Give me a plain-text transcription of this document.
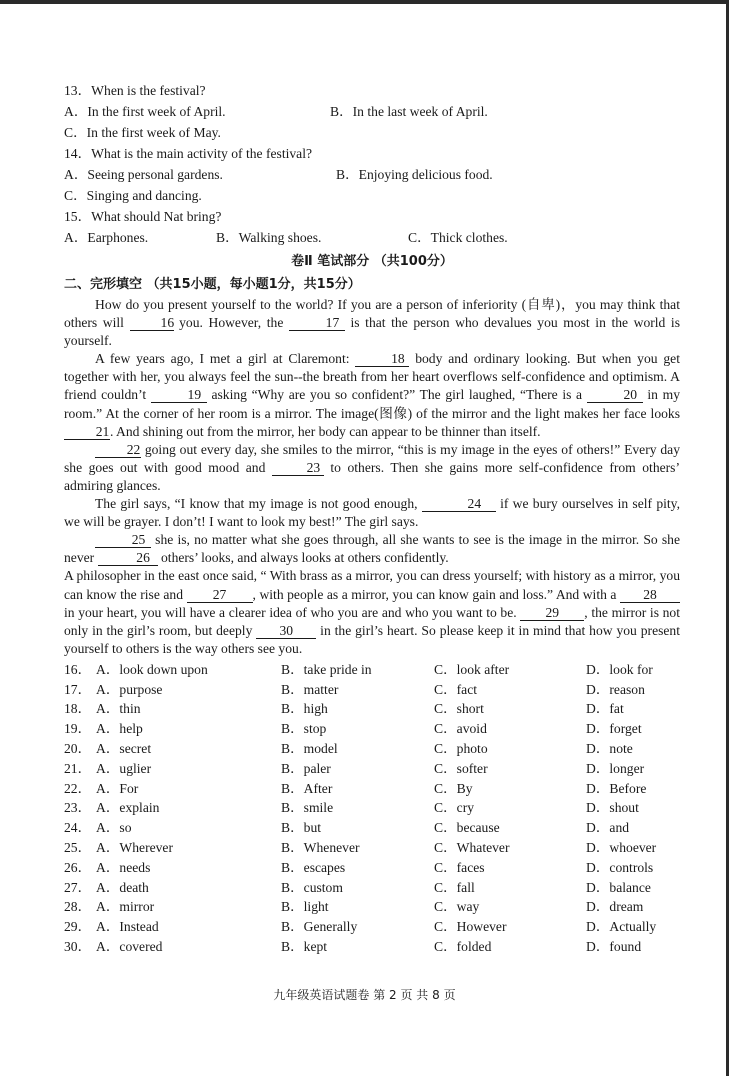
13．When is the festival?
A．In the first week of April.	B．In the last week of April.
C．In the first week of May.
14．What is the main activity of the festival?
A．Seeing personal gardens.	B．Enjoying delicious food.
C．Singing and dancing.
15．What should Nat bring?
A．Earphones.	B．Walking shoes.	C．Thick clothes.
卷Ⅱ 笔试部分 （共100分）
二、完形填空 （共15小题，每小题1分，共15分）

How do you present yourself to the world? If you are a person of inferiority (自卑)，you may think that others will 16 you. However, the	17 is that the person who devalues you most in the world is yourself.

A few years ago, I met a girl at Claremont:	18 body and ordinary looking. But when you get together with her, you always feel the sun--the breath from her heart overflows self-confidence and optimism. A friend couldn’t	19 asking “Why are you so confident?” The girl laughed, “There is a	20 in my room.” At the corner of her room is a mirror. The image(图像) of the mirror and the light makes her face looks 21. And shining out from the mirror, her body can appear to be thinner than itself.

22 going out every day, she smiles to the mirror, “this is my image in the eyes of others!” Every day she goes out with good mood and	23 to others. Then she gains more self-confidence from others’ admiring glances.

The girl says, “I know that my image is not good enough,	24 if we bury ourselves in self pity, we will be grayer. I don’t! I want to look my best!” The girl says.

25 she is, no matter what she goes through, all she wants to see is the image in the mirror. So she never	26 others’ looks, and always looks at others confidently.

A philosopher in the east once said, “ With brass as a mirror, you can dress yourself; with history as a mirror, you can know the rise and 27 , with people as a mirror, you can know gain and loss.” And with a 28 in your heart, you will have a clearer idea of who you are and who you want to be. 29 , the mirror is not only in the girl’s room, but deeply 30 in the girl’s heart. So please keep it in mind that how you present yourself to others is the way others see you.

16． A．look down upon	B．take pride in	C．look after	D．look for
17． A．purpose	B．matter	C．fact	D．reason
18． A．thin	B．high	C．short	D．fat
19． A．help	B．stop	C．avoid	D．forget
20． A．secret	B．model	C．photo	D．note
21． A．uglier	B．paler	C．softer	D．longer
22． A．For	B．After	C．By	D．Before
23． A．explain	B．smile	C．cry	D．shout
24． A．so	B．but	C．because	D．and
25． A．Wherever	B．Whenever	C．Whatever	D．whoever
26． A．needs	B．escapes	C．faces	D．controls
27． A．death	B．custom	C．fall	D．balance
28． A．mirror	B．light	C．way	D．dream
29． A．Instead	B．Generally	C．However	D．Actually
30． A．covered	B．kept	C．folded	D．found
九年级英语试题卷 第 2 页 共 8 页
